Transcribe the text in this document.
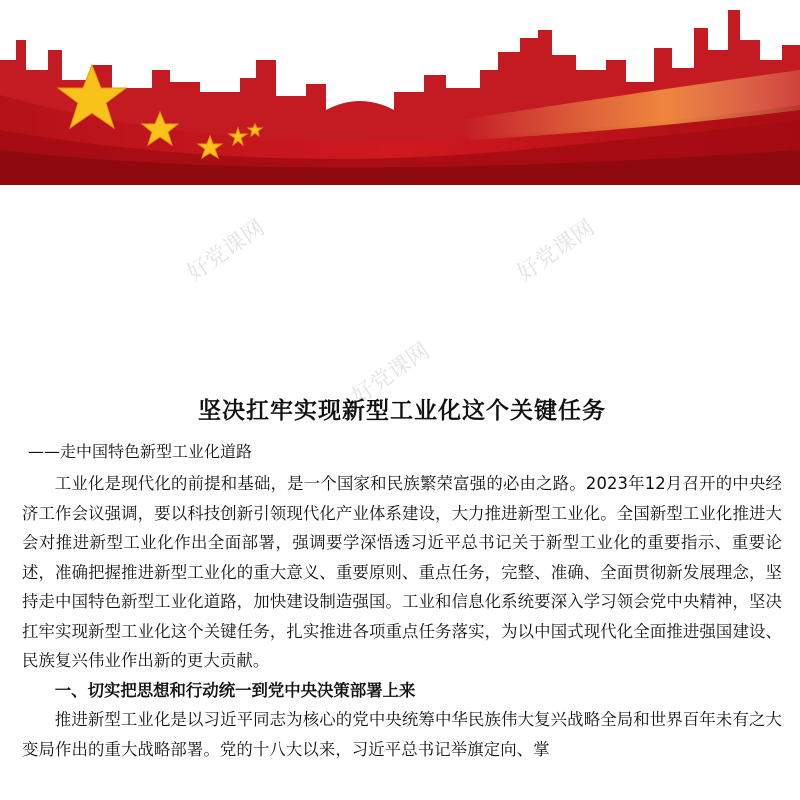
好党课网	好党课网
好党课网
坚决扛牢实现新型工业化这个关键任务

——走中国特色新型工业化道路

工业化是现代化的前提和基础，是一个国家和民族繁荣富强的必由之路。2023年12月召开的中央经济工作会议强调，要以科技创新引领现代化产业体系建设，大力推进新型工业化。全国新型工业化推进大会对推进新型工业化作出全面部署，强调要学深悟透习近平总书记关于新型工业化的重要指示、重要论述，准确把握推进新型工业化的重大意义、重要原则、重点任务，完整、准确、全面贯彻新发展理念，坚持走中国特色新型工业化道路，加快建设制造强国。工业和信息化系统要深入学习领会党中央精神，坚决扛牢实现新型工业化这个关键任务，扎实推进各项重点任务落实，为以中国式现代化全面推进强国建设、民族复兴伟业作出新的更大贡献。

一、切实把思想和行动统一到党中央决策部署上来

推进新型工业化是以习近平同志为核心的党中央统筹中华民族伟大复兴战略全局和世界百年未有之大变局作出的重大战略部署。党的十八大以来，习近平总书记举旗定向、掌
